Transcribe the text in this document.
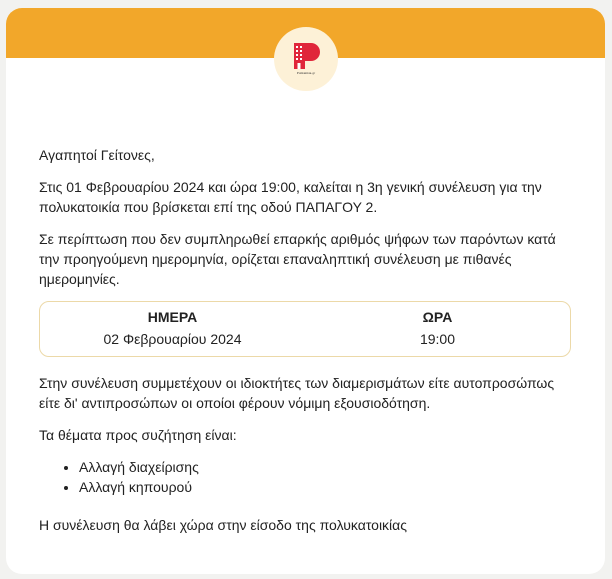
Polikatikia.gr

Αγαπητοί Γείτονες,

Στις 01 Φεβρουαρίου 2024 και ώρα 19:00, καλείται η 3η γενική συνέλευση για την πολυκατοικία που βρίσκεται επί της οδού ΠΑΠΑΓΟΥ 2.

Σε περίπτωση που δεν συμπληρωθεί επαρκής αριθμός ψήφων των παρόντων κατά την προηγούμενη ημερομηνία, ορίζεται επαναληπτική συνέλευση με πιθανές ημερομηνίες.

ΗΜΕΡΑ	ΩΡΑ
02 Φεβρουαρίου 2024	19:00

Στην συνέλευση συμμετέχουν οι ιδιοκτήτες των διαμερισμάτων είτε αυτοπροσώπως είτε δι' αντιπροσώπων οι οποίοι φέρουν νόμιμη εξουσιοδότηση.

Τα θέματα προς συζήτηση είναι:

• Αλλαγή διαχείρισης
• Αλλαγή κηπουρού

Η συνέλευση θα λάβει χώρα στην είσοδο της πολυκατοικίας
